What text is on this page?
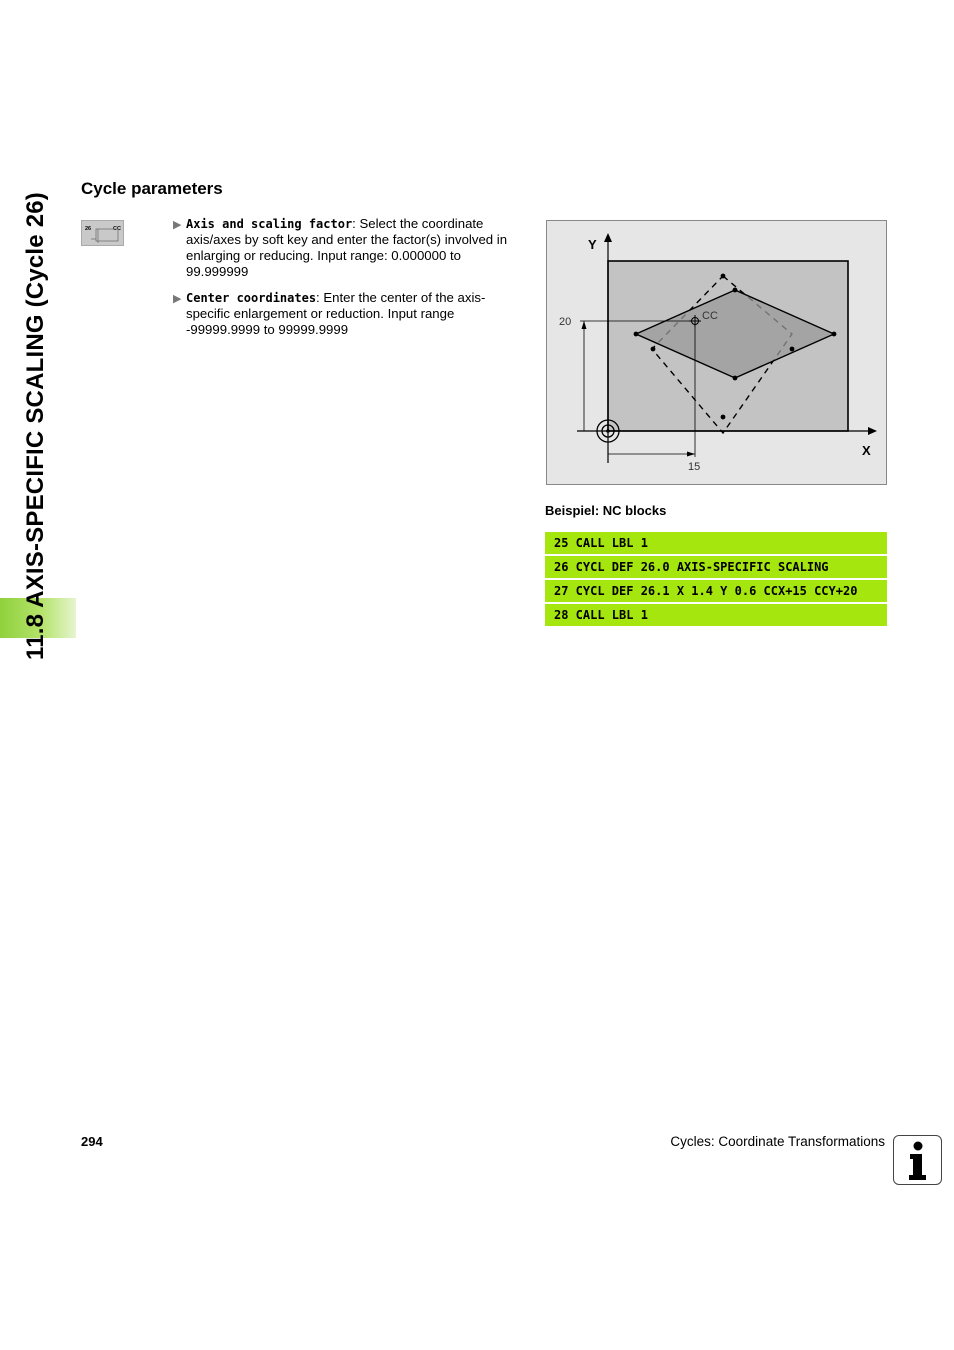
11.8 AXIS-SPECIFIC SCALING (Cycle 26)
Cycle parameters
26	CC	▶ Axis and scaling factor: Select the coordinate axis/axes by soft key and enter the factor(s) involved in enlarging or reducing. Input range: 0.000000 to 99.999999
▶ Center coordinates: Enter the center of the axis-specific enlargement or reduction. Input range -99999.9999 to 99999.9999
Y
X
20
15
CC
Beispiel: NC blocks
25 CALL LBL 1
26 CYCL DEF 26.0 AXIS-SPECIFIC SCALING
27 CYCL DEF 26.1 X 1.4 Y 0.6 CCX+15 CCY+20
28 CALL LBL 1
294	Cycles: Coordinate Transformations
